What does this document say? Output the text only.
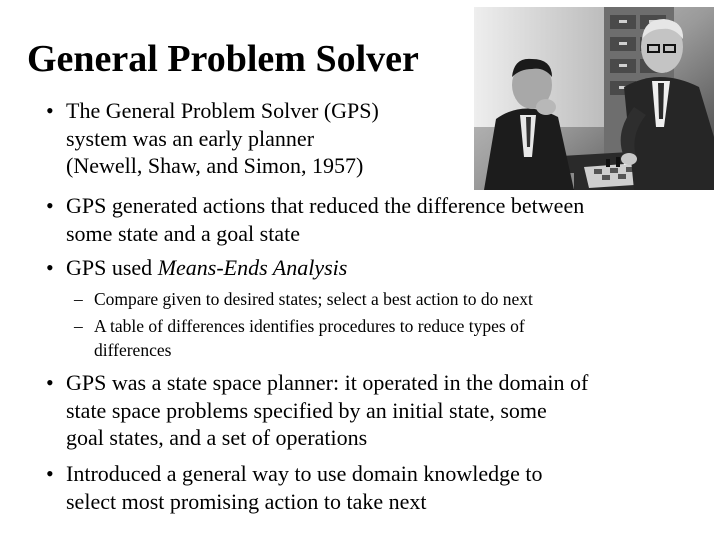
General Problem Solver
• The General Problem Solver (GPS)
system was an early planner
(Newell, Shaw, and Simon, 1957)
• GPS generated actions that reduced the difference between
some state and a goal state
• GPS used Means-Ends Analysis
– Compare given to desired states; select a best action to do next
– A table of differences identifies procedures to reduce types of
differences
• GPS was a state space planner: it operated in the domain of
state space problems specified by an initial state, some
goal states, and a set of operations
• Introduced a general way to use domain knowledge to
select most promising action to take next
